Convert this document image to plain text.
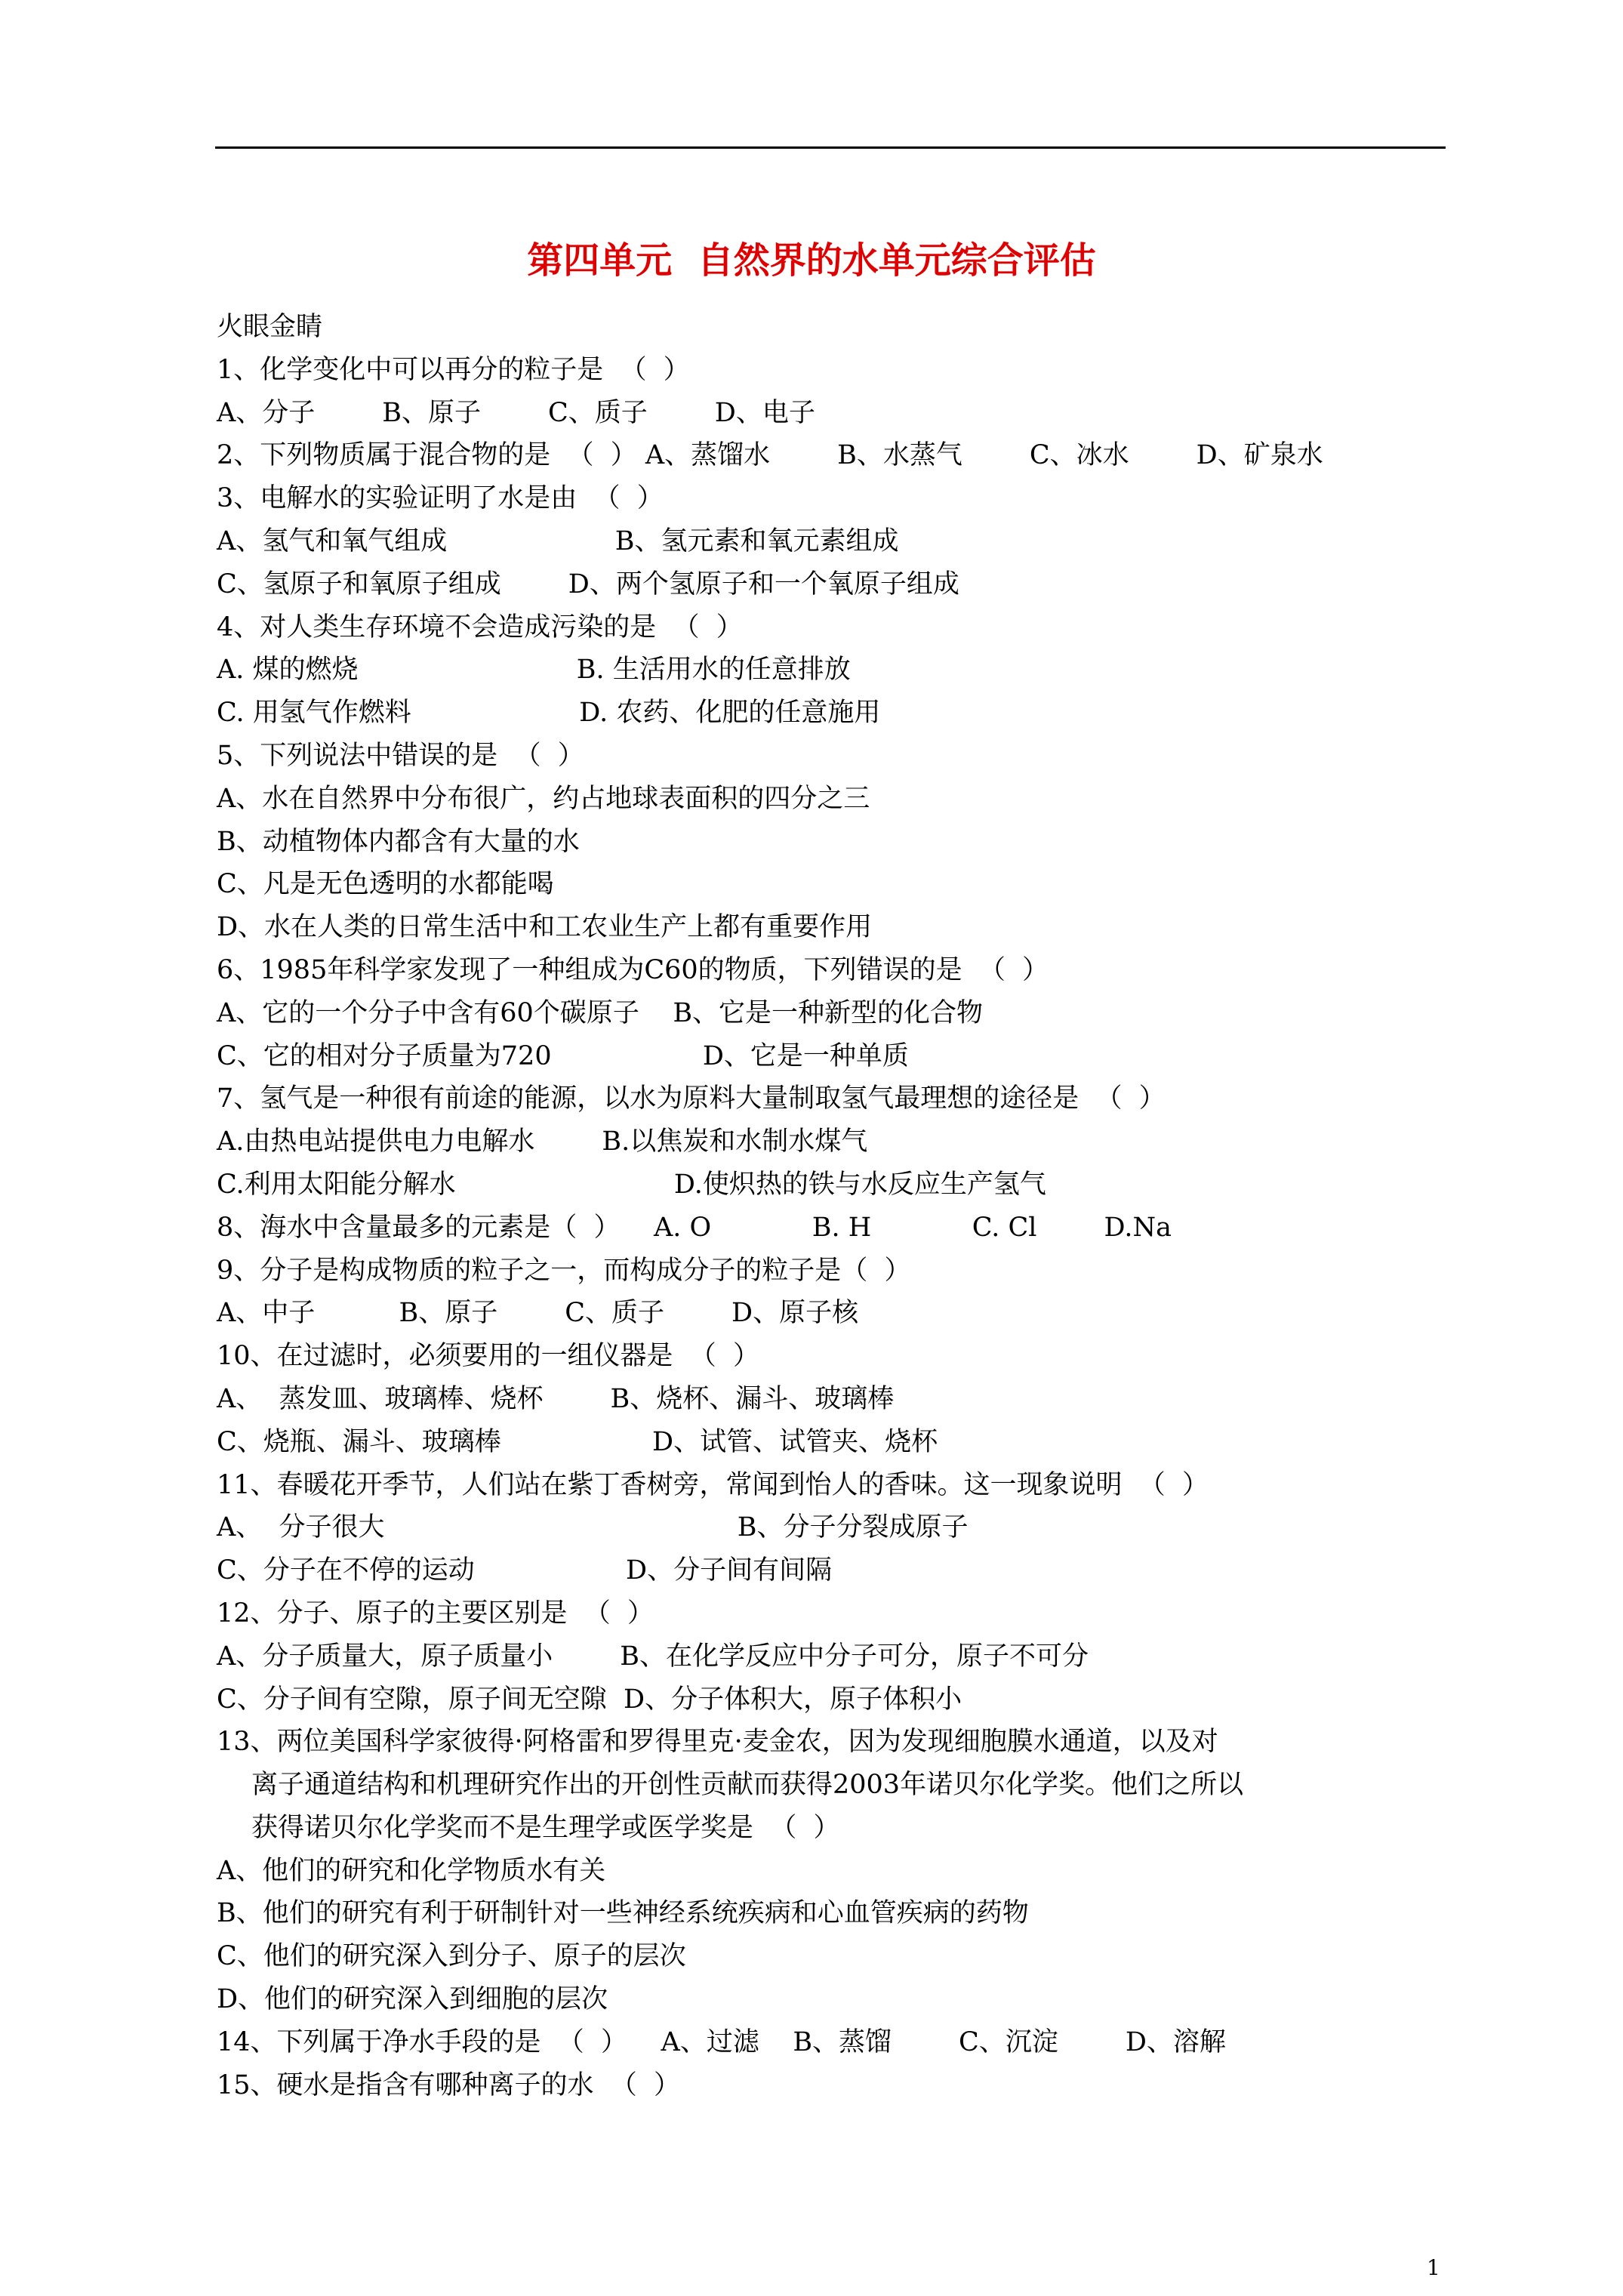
第四单元  自然界的水单元综合评估
火眼金睛
1、化学变化中可以再分的粒子是  （  ）
A、分子        B、原子        C、质子        D、电子
2、下列物质属于混合物的是  （  ） A、蒸馏水        B、水蒸气        C、冰水        D、矿泉水
3、电解水的实验证明了水是由  （  ）
A、氢气和氧气组成                    B、氢元素和氧元素组成
C、氢原子和氧原子组成        D、两个氢原子和一个氧原子组成
4、对人类生存环境不会造成污染的是  （  ）
A. 煤的燃烧                          B. 生活用水的任意排放
C. 用氢气作燃料                    D. 农药、化肥的任意施用
5、下列说法中错误的是  （  ）
A、水在自然界中分布很广，约占地球表面积的四分之三
B、动植物体内都含有大量的水
C、凡是无色透明的水都能喝
D、水在人类的日常生活中和工农业生产上都有重要作用
6、1985年科学家发现了一种组成为C60的物质，下列错误的是  （  ）
A、它的一个分子中含有60个碳原子    B、它是一种新型的化合物
C、它的相对分子质量为720                  D、它是一种单质
7、氢气是一种很有前途的能源，以水为原料大量制取氢气最理想的途径是  （  ）
A.由热电站提供电力电解水        B.以焦炭和水制水煤气
C.利用太阳能分解水                          D.使炽热的铁与水反应生产氢气
8、海水中含量最多的元素是（  ）    A. O            B. H            C. Cl        D.Na
9、分子是构成物质的粒子之一，而构成分子的粒子是（  ）
A、中子          B、原子        C、质子        D、原子核
10、在过滤时，必须要用的一组仪器是  （  ）
A、  蒸发皿、玻璃棒、烧杯        B、烧杯、漏斗、玻璃棒
C、烧瓶、漏斗、玻璃棒                  D、试管、试管夹、烧杯
11、春暖花开季节，人们站在紫丁香树旁，常闻到怡人的香味。这一现象说明  （  ）
A、  分子很大                                          B、分子分裂成原子
C、分子在不停的运动                  D、分子间有间隔
12、分子、原子的主要区别是  （  ）
A、分子质量大，原子质量小        B、在化学反应中分子可分，原子不可分
C、分子间有空隙，原子间无空隙  D、分子体积大，原子体积小
13、两位美国科学家彼得·阿格雷和罗得里克·麦金农，因为发现细胞膜水通道，以及对
离子通道结构和机理研究作出的开创性贡献而获得2003年诺贝尔化学奖。他们之所以
获得诺贝尔化学奖而不是生理学或医学奖是  （  ）
A、他们的研究和化学物质水有关
B、他们的研究有利于研制针对一些神经系统疾病和心血管疾病的药物
C、他们的研究深入到分子、原子的层次
D、他们的研究深入到细胞的层次
14、下列属于净水手段的是  （  ）    A、过滤    B、蒸馏        C、沉淀        D、溶解
15、硬水是指含有哪种离子的水  （  ）
1
